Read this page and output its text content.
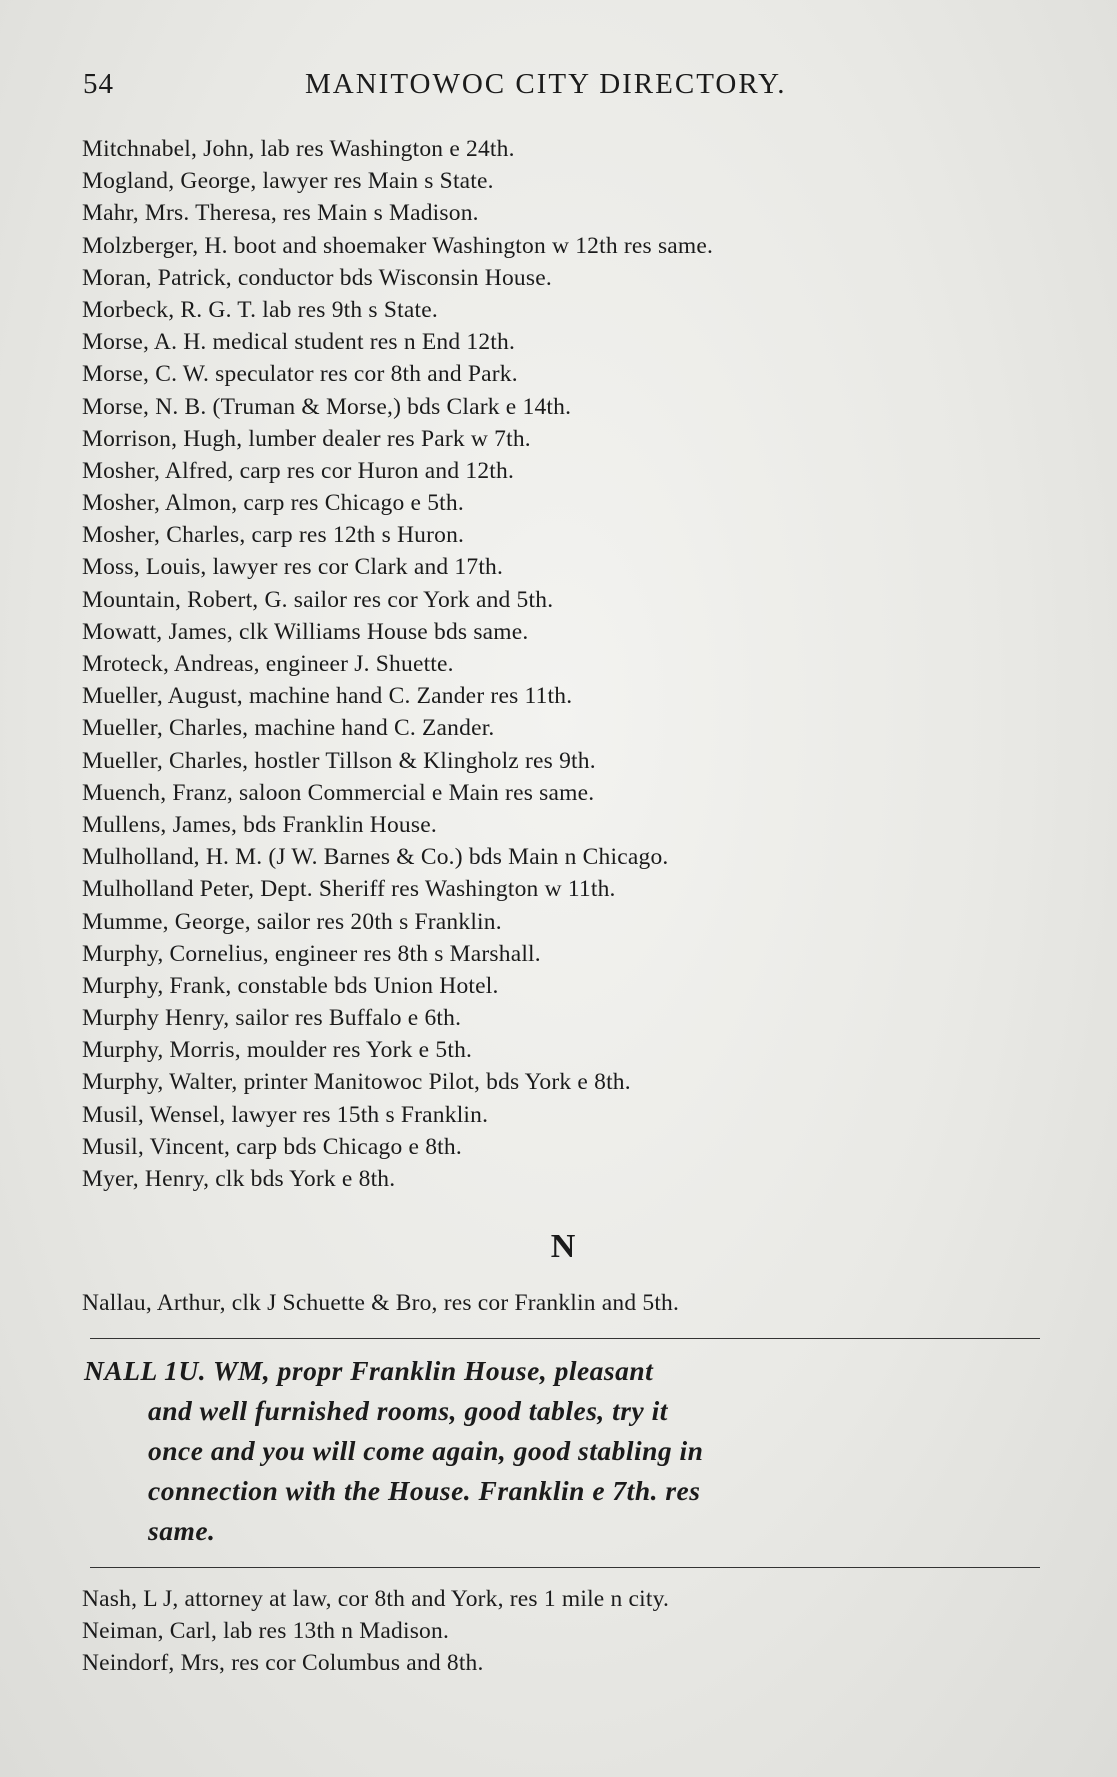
54	MANITOWOC CITY DIRECTORY.
Mitchnabel, John, lab res Washington e 24th.
Mogland, George, lawyer res Main s State.
Mahr, Mrs. Theresa, res Main s Madison.
Molzberger, H. boot and shoemaker Washington w 12th res same.
Moran, Patrick, conductor bds Wisconsin House.
Morbeck, R. G. T. lab res 9th s State.
Morse, A. H. medical student res n End 12th.
Morse, C. W. speculator res cor 8th and Park.
Morse, N. B. (Truman & Morse,) bds Clark e 14th.
Morrison, Hugh, lumber dealer res Park w 7th.
Mosher, Alfred, carp res cor Huron and 12th.
Mosher, Almon, carp res Chicago e 5th.
Mosher, Charles, carp res 12th s Huron.
Moss, Louis, lawyer res cor Clark and 17th.
Mountain, Robert, G. sailor res cor York and 5th.
Mowatt, James, clk Williams House bds same.
Mroteck, Andreas, engineer J. Shuette.
Mueller, August, machine hand C. Zander res 11th.
Mueller, Charles, machine hand C. Zander.
Mueller, Charles, hostler Tillson & Klingholz res 9th.
Muench, Franz, saloon Commercial e Main res same.
Mullens, James, bds Franklin House.
Mulholland, H. M. (J W. Barnes & Co.) bds Main n Chicago.
Mulholland Peter, Dept. Sheriff res Washington w 11th.
Mumme, George, sailor res 20th s Franklin.
Murphy, Cornelius, engineer res 8th s Marshall.
Murphy, Frank, constable bds Union Hotel.
Murphy Henry, sailor res Buffalo e 6th.
Murphy, Morris, moulder res York e 5th.
Murphy, Walter, printer Manitowoc Pilot, bds York e 8th.
Musil, Wensel, lawyer res 15th s Franklin.
Musil, Vincent, carp bds Chicago e 8th.
Myer, Henry, clk bds York e 8th.
N
Nallau, Arthur, clk J Schuette & Bro, res cor Franklin and 5th.
NALL 1U. WM, propr Franklin House, pleasant
and well furnished rooms, good tables, try it
once and you will come again, good stabling in
connection with the House. Franklin e 7th. res
same.
Nash, L J, attorney at law, cor 8th and York, res 1 mile n city.
Neiman, Carl, lab res 13th n Madison.
Neindorf, Mrs, res cor Columbus and 8th.
